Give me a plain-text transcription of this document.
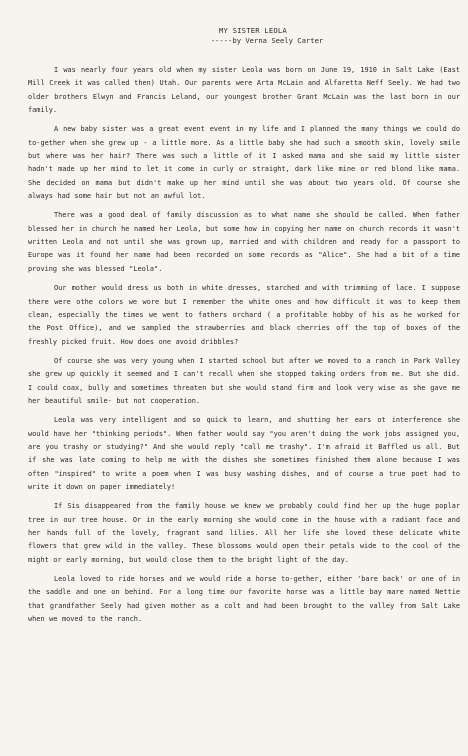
MY SISTER LEOLA
-----by Verna Seely Carter

I was nearly four years old when my sister Leola was born on June 19, 1910 in Salt Lake (East Mill Creek it was called then) Utah. Our parents were Arta McLain and Alfaretta Neff Seely. We had two older brothers Elwyn and Francis Leland, our youngest brother Grant McLain was the last born in our family.

A new baby sister was a great event event in my life and I planned the many things we could do to-gether when she grew up - a little more. As a little baby she had such a smooth skin, lovely smile but where was her hair? There was such a little of it I asked mama and she said my little sister hadn't made up her mind to let it come in curly or straight, dark like mine or red blond like mama. She decided on mama but didn't make up her mind until she was about two years old. Of course she always had some hair but not an awful lot.

There was a good deal of family discussion as to what name she should be called. When father blessed her in church he named her Leola, but some how in copying her name on church records it wasn't written Leola and not until she was grown up, married and with children and ready for a passport to Europe was it found her name had been recorded on some records as "Alice". She had a bit of a time proving she was blessed "Leola".

Our mother would dress us both in white dresses, starched and with trimming of lace. I suppose there were othe colors we wore but I remember the white ones and how difficult it was to keep them clean, especially the times we went to fathers orchard ( a profitable hobby of his as he worked for the Post Office), and we sampled the strawberries and black cherries off the top of boxes of the freshly picked fruit. How does one avoid dribbles?

Of course she was very young when I started school but after we moved to a ranch in Park Valley she grew up quickly it seemed and I can't recall when she stopped taking orders from me. But she did. I could coax, bully and sometimes threaten but she would stand firm and look very wise as she gave me her beautiful smile- but not cooperation.

Leola was very intelligent and so quick to learn, and shutting her ears ot interference she would have her "thinking periods". When father would say "you aren't doing the work jobs assigned you, are you trashy or studying?" And she would reply "call me trashy". I'm afraid it Baffled us all. But if she was late coming to help me with the dishes she sometimes finished them alone because I was often "inspired" to write a poem when I was busy washing dishes, and of course a true poet had to write it down on paper immediately!

If Sis disappeared from the family house we knew we probably could find her up the huge poplar tree in our tree house. Or in the early morning she would come in the house with a radiant face and her hands full of the lovely, fragrant sand lilies. All her life she loved these delicate white flowers that grew wild in the valley. These blossoms would open their petals wide to the cool of the might or early morning, but would close them to the bright light of the day.

Leola loved to ride horses and we would ride a horse to-gether, either 'bare back' or one of in the saddle and one on behind. For a long time our favorite horse was a little bay mare named Nettie that grandfather Seely had given mother as a colt and had been brought to the valley from Salt Lake when we moved to the ranch.
